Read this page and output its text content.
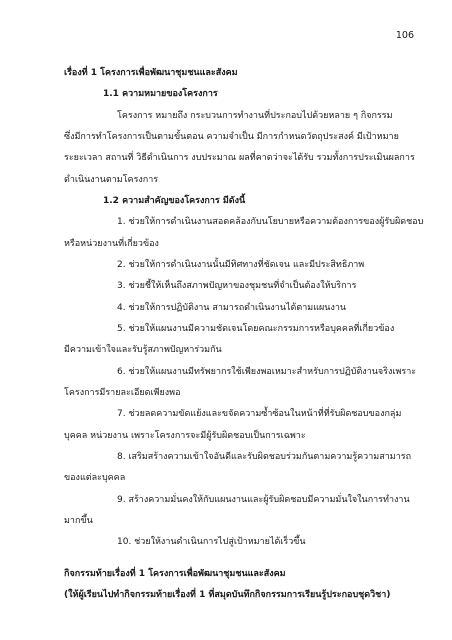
106
เรื่องที่ 1 โครงการเพื่อพัฒนาชุมชนและสังคม
1.1 ความหมายของโครงการ
โครงการ หมายถึง กระบวนการทำงานที่ประกอบไปด้วยหลาย ๆ กิจกรรม
ซึ่งมีการทำโครงการเป็นตามขั้นตอน ความจำเป็น มีการกำหนดวัตถุประสงค์ มีเป้าหมาย
ระยะเวลา สถานที่ วิธีดำเนินการ งบประมาณ ผลที่คาดว่าจะได้รับ รวมทั้งการประเมินผลการ
ดำเนินงานตามโครงการ
1.2 ความสำคัญของโครงการ มีดังนี้
1. ช่วยให้การดำเนินงานสอดคล้องกับนโยบายหรือความต้องการของผู้รับผิดชอบ
หรือหน่วยงานที่เกี่ยวข้อง
2. ช่วยให้การดำเนินงานนั้นมีทิศทางที่ชัดเจน และมีประสิทธิภาพ
3. ช่วยชี้ให้เห็นถึงสภาพปัญหาของชุมชนที่จำเป็นต้องให้บริการ
4. ช่วยให้การปฏิบัติงาน สามารถดำเนินงานได้ตามแผนงาน
5. ช่วยให้แผนงานมีความชัดเจนโดยคณะกรรมการหรือบุคคลที่เกี่ยวข้อง
มีความเข้าใจและรับรู้สภาพปัญหาร่วมกัน
6. ช่วยให้แผนงานมีทรัพยากรใช้เพียงพอเหมาะสำหรับการปฏิบัติงานจริงเพราะ
โครงการมีรายละเอียดเพียงพอ
7. ช่วยลดความขัดแย้งและขจัดความซ้ำซ้อนในหน้าที่ที่รับผิดชอบของกลุ่ม
บุคคล หน่วยงาน เพราะโครงการจะมีผู้รับผิดชอบเป็นการเฉพาะ
8. เสริมสร้างความเข้าใจอันดีและรับผิดชอบร่วมกันตามความรู้ความสามารถ
ของแต่ละบุคคล
9. สร้างความมั่นคงให้กับแผนงานและผู้รับผิดชอบมีความมั่นใจในการทำงาน
มากขึ้น
10. ช่วยให้งานดำเนินการไปสู่เป้าหมายได้เร็วขึ้น
กิจกรรมท้ายเรื่องที่ 1 โครงการเพื่อพัฒนาชุมชนและสังคม
(ให้ผู้เรียนไปทำกิจกรรมท้ายเรื่องที่ 1 ที่สมุดบันทึกกิจกรรมการเรียนรู้ประกอบชุดวิชา)
